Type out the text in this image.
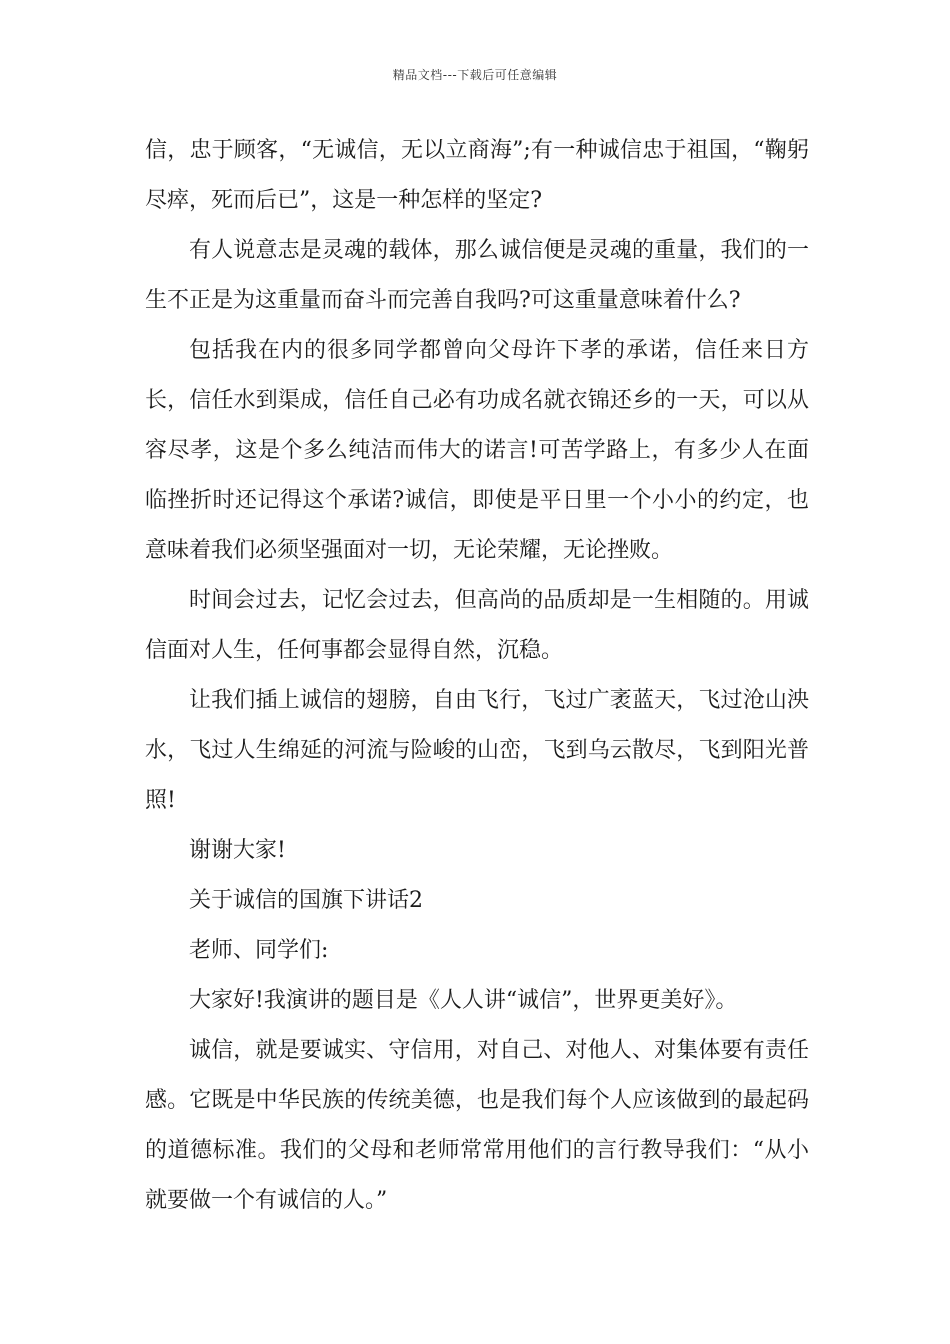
精品文档---下载后可任意编辑

信，忠于顾客，“无诚信，无以立商海”;有一种诚信忠于祖国，“鞠躬尽瘁，死而后已”，这是一种怎样的坚定?

有人说意志是灵魂的载体，那么诚信便是灵魂的重量，我们的一生不正是为这重量而奋斗而完善自我吗?可这重量意味着什么?

包括我在内的很多同学都曾向父母许下孝的承诺，信任来日方长，信任水到渠成，信任自己必有功成名就衣锦还乡的一天，可以从容尽孝，这是个多么纯洁而伟大的诺言!可苦学路上，有多少人在面临挫折时还记得这个承诺?诚信，即使是平日里一个小小的约定，也意味着我们必须坚强面对一切，无论荣耀，无论挫败。

时间会过去，记忆会过去，但高尚的品质却是一生相随的。用诚信面对人生，任何事都会显得自然，沉稳。

让我们插上诚信的翅膀，自由飞行，飞过广袤蓝天，飞过沧山泱水，飞过人生绵延的河流与险峻的山峦，飞到乌云散尽，飞到阳光普照!

谢谢大家!

关于诚信的国旗下讲话2

老师、同学们:

大家好!我演讲的题目是《人人讲“诚信”，世界更美好》。

诚信，就是要诚实、守信用，对自己、对他人、对集体要有责任感。它既是中华民族的传统美德，也是我们每个人应该做到的最起码的道德标准。我们的父母和老师常常用他们的言行教导我们：“从小就要做一个有诚信的人。”
